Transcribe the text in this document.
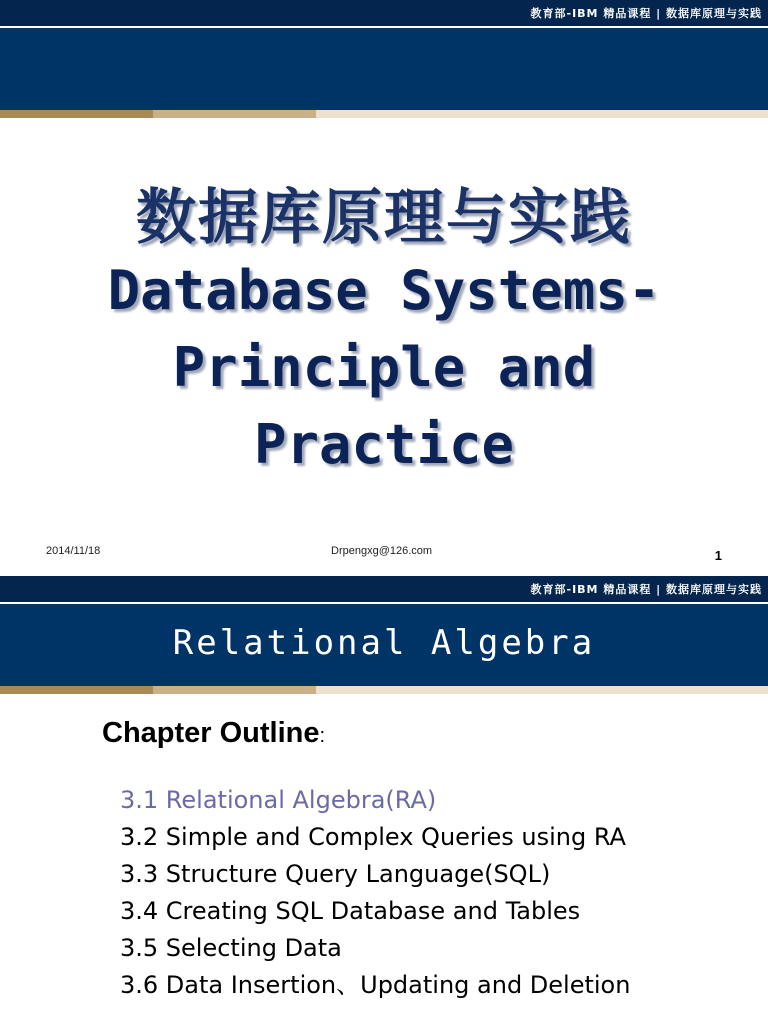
教育部-IBM 精品课程 | 数据库原理与实践
数据库原理与实践
Database Systems-
Principle and
Practice
2014/11/18	Drpengxg@126.com	1
教育部-IBM 精品课程 | 数据库原理与实践
Relational Algebra
Chapter Outline:
3.1 Relational Algebra(RA)
3.2 Simple and Complex Queries using RA
3.3 Structure Query Language(SQL)
3.4 Creating SQL Database and Tables
3.5 Selecting Data
3.6 Data Insertion、Updating and Deletion
